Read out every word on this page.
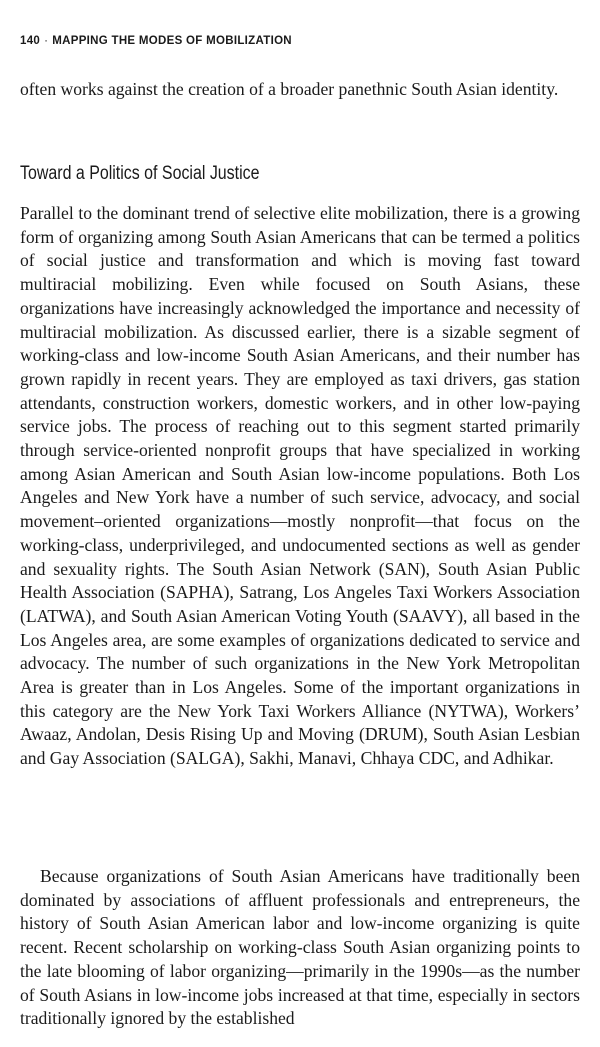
140 · MAPPING THE MODES OF MOBILIZATION

often works against the creation of a broader panethnic South Asian identity.

Toward a Politics of Social Justice

Parallel to the dominant trend of selective elite mobilization, there is a growing form of organizing among South Asian Americans that can be termed a politics of social justice and transformation and which is moving fast toward multiracial mobilizing. Even while focused on South Asians, these organizations have increasingly acknowledged the importance and necessity of multiracial mobilization. As discussed earlier, there is a sizable segment of working-class and low-income South Asian Americans, and their number has grown rapidly in recent years. They are employed as taxi drivers, gas station attendants, construction workers, domestic workers, and in other low-paying service jobs. The process of reaching out to this segment started primarily through service-oriented nonprofit groups that have specialized in working among Asian American and South Asian low-income populations. Both Los Angeles and New York have a number of such service, advocacy, and social movement–oriented organizations—mostly nonprofit—that focus on the working-class, underprivileged, and undocumented sections as well as gender and sexuality rights. The South Asian Network (SAN), South Asian Public Health Association (SAPHA), Satrang, Los Angeles Taxi Workers Association (LATWA), and South Asian American Voting Youth (SAAVY), all based in the Los Angeles area, are some examples of organizations dedicated to service and advocacy. The number of such organizations in the New York Metropolitan Area is greater than in Los Angeles. Some of the important organizations in this category are the New York Taxi Workers Alliance (NYTWA), Workers’ Awaaz, Andolan, Desis Rising Up and Moving (DRUM), South Asian Lesbian and Gay Association (SALGA), Sakhi, Manavi, Chhaya CDC, and Adhikar.

Because organizations of South Asian Americans have traditionally been dominated by associations of affluent professionals and entrepreneurs, the history of South Asian American labor and low-income organizing is quite recent. Recent scholarship on working-class South Asian organizing points to the late blooming of labor organizing—primarily in the 1990s—as the number of South Asians in low-income jobs increased at that time, especially in sectors traditionally ignored by the established
